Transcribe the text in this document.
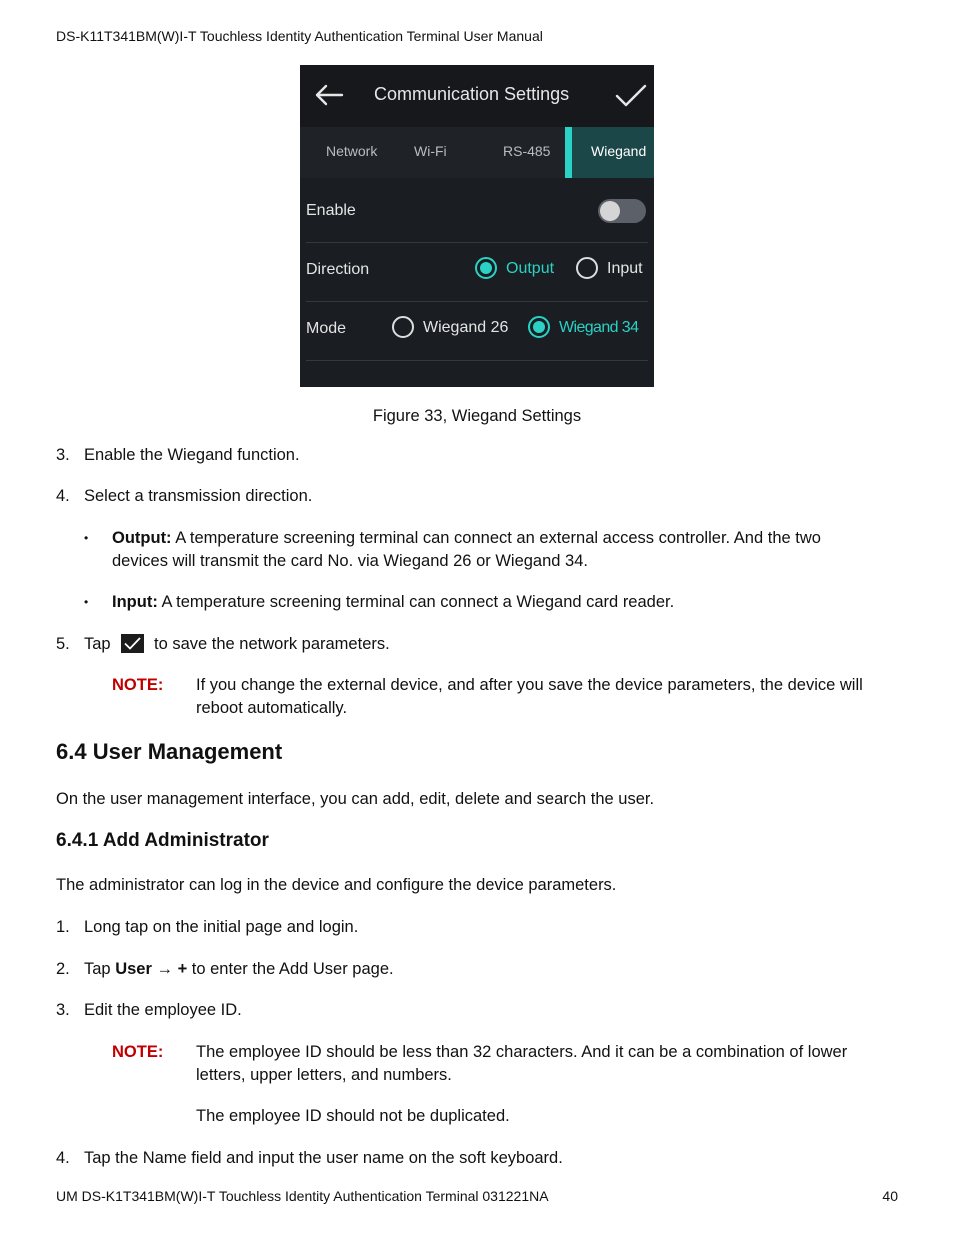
DS-K11T341BM(W)I-T Touchless Identity Authentication Terminal User Manual
Communication Settings
Network	Wi-Fi	RS-485	Wiegand
Enable
Direction	Output	Input
Mode	Wiegand 26	Wiegand 34
Figure 33, Wiegand Settings
3. Enable the Wiegand function.
4. Select a transmission direction.
• Output: A temperature screening terminal can connect an external access controller. And the two
devices will transmit the card No. via Wiegand 26 or Wiegand 34.
• Input: A temperature screening terminal can connect a Wiegand card reader.
5. Tap	to save the network parameters.
NOTE: If you change the external device, and after you save the device parameters, the device will
reboot automatically.
6.4 User Management
On the user management interface, you can add, edit, delete and search the user.
6.4.1 Add Administrator
The administrator can log in the device and configure the device parameters.
1. Long tap on the initial page and login.
2. Tap User → + to enter the Add User page.
3. Edit the employee ID.
NOTE: The employee ID should be less than 32 characters. And it can be a combination of lower
letters, upper letters, and numbers.
The employee ID should not be duplicated.
4. Tap the Name field and input the user name on the soft keyboard.
UM DS-K1T341BM(W)I-T Touchless Identity Authentication Terminal 031221NA	40
